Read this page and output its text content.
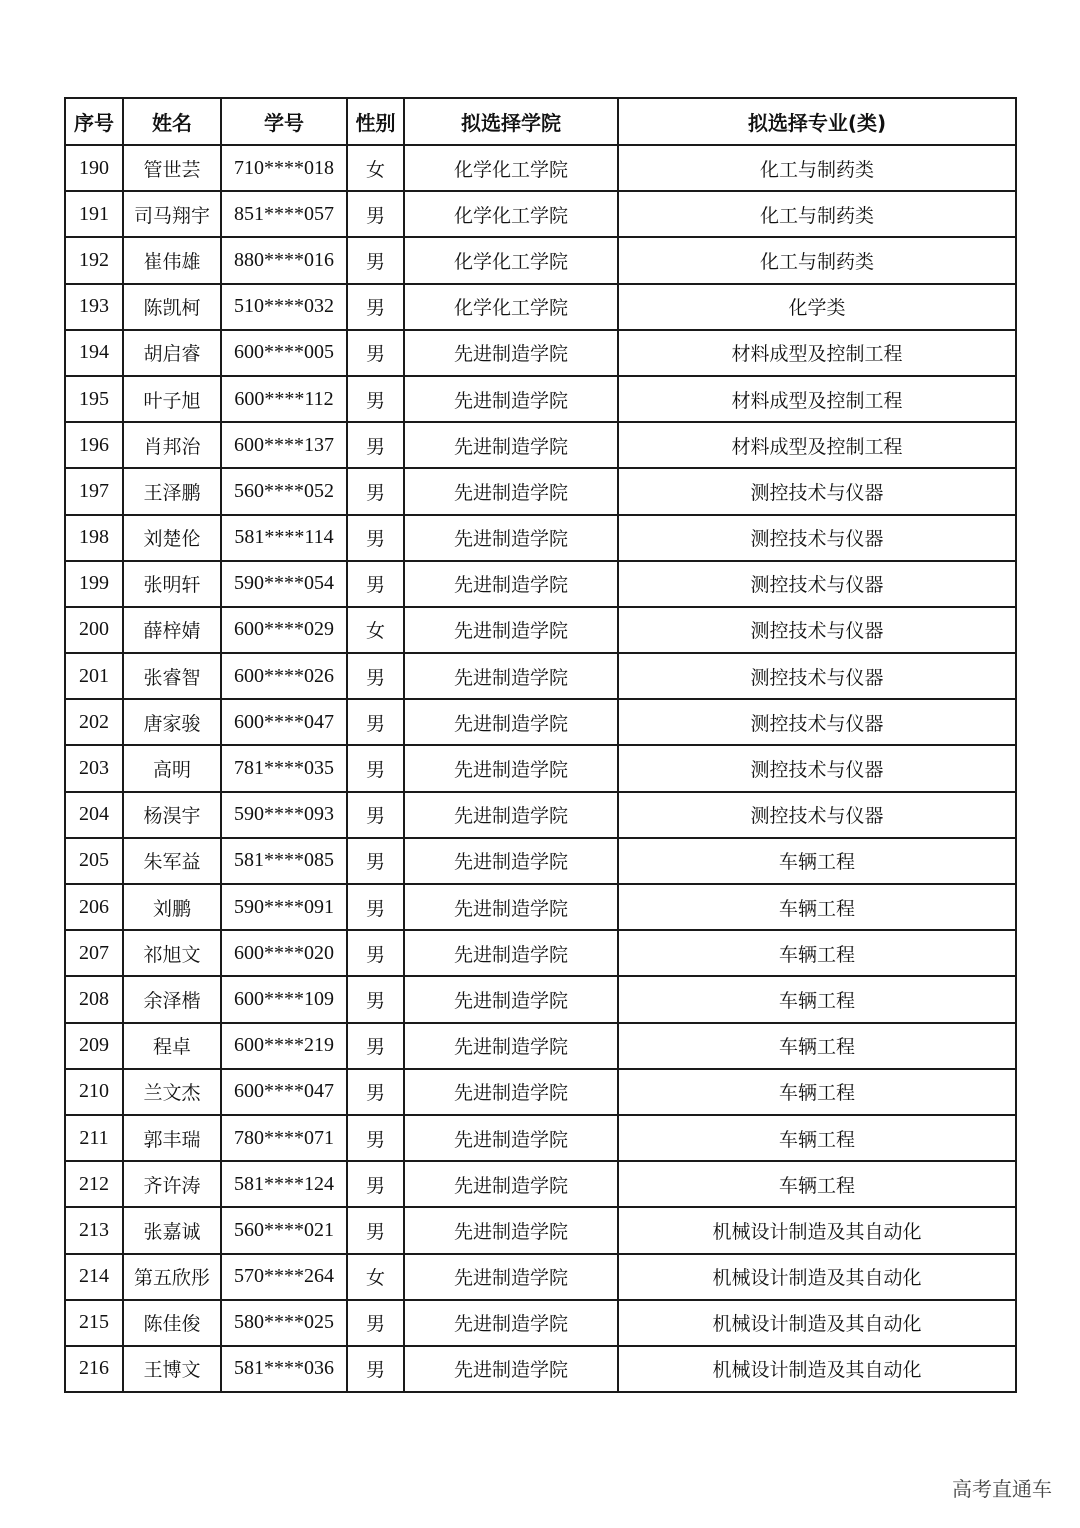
序号	姓名	学号	性别	拟选择学院	拟选择专业(类)
190	管世芸	710****018	女	化学化工学院	化工与制药类
191	司马翔宇	851****057	男	化学化工学院	化工与制药类
192	崔伟雄	880****016	男	化学化工学院	化工与制药类
193	陈凯柯	510****032	男	化学化工学院	化学类
194	胡启睿	600****005	男	先进制造学院	材料成型及控制工程
195	叶子旭	600****112	男	先进制造学院	材料成型及控制工程
196	肖邦治	600****137	男	先进制造学院	材料成型及控制工程
197	王泽鹏	560****052	男	先进制造学院	测控技术与仪器
198	刘楚伦	581****114	男	先进制造学院	测控技术与仪器
199	张明轩	590****054	男	先进制造学院	测控技术与仪器
200	薛梓婧	600****029	女	先进制造学院	测控技术与仪器
201	张睿智	600****026	男	先进制造学院	测控技术与仪器
202	唐家骏	600****047	男	先进制造学院	测控技术与仪器
203	高明	781****035	男	先进制造学院	测控技术与仪器
204	杨淏宇	590****093	男	先进制造学院	测控技术与仪器
205	朱军益	581****085	男	先进制造学院	车辆工程
206	刘鹏	590****091	男	先进制造学院	车辆工程
207	祁旭文	600****020	男	先进制造学院	车辆工程
208	余泽楷	600****109	男	先进制造学院	车辆工程
209	程卓	600****219	男	先进制造学院	车辆工程
210	兰文杰	600****047	男	先进制造学院	车辆工程
211	郭丰瑞	780****071	男	先进制造学院	车辆工程
212	齐许涛	581****124	男	先进制造学院	车辆工程
213	张嘉诚	560****021	男	先进制造学院	机械设计制造及其自动化
214	第五欣彤	570****264	女	先进制造学院	机械设计制造及其自动化
215	陈佳俊	580****025	男	先进制造学院	机械设计制造及其自动化
216	王博文	581****036	男	先进制造学院	机械设计制造及其自动化
高考直通车
